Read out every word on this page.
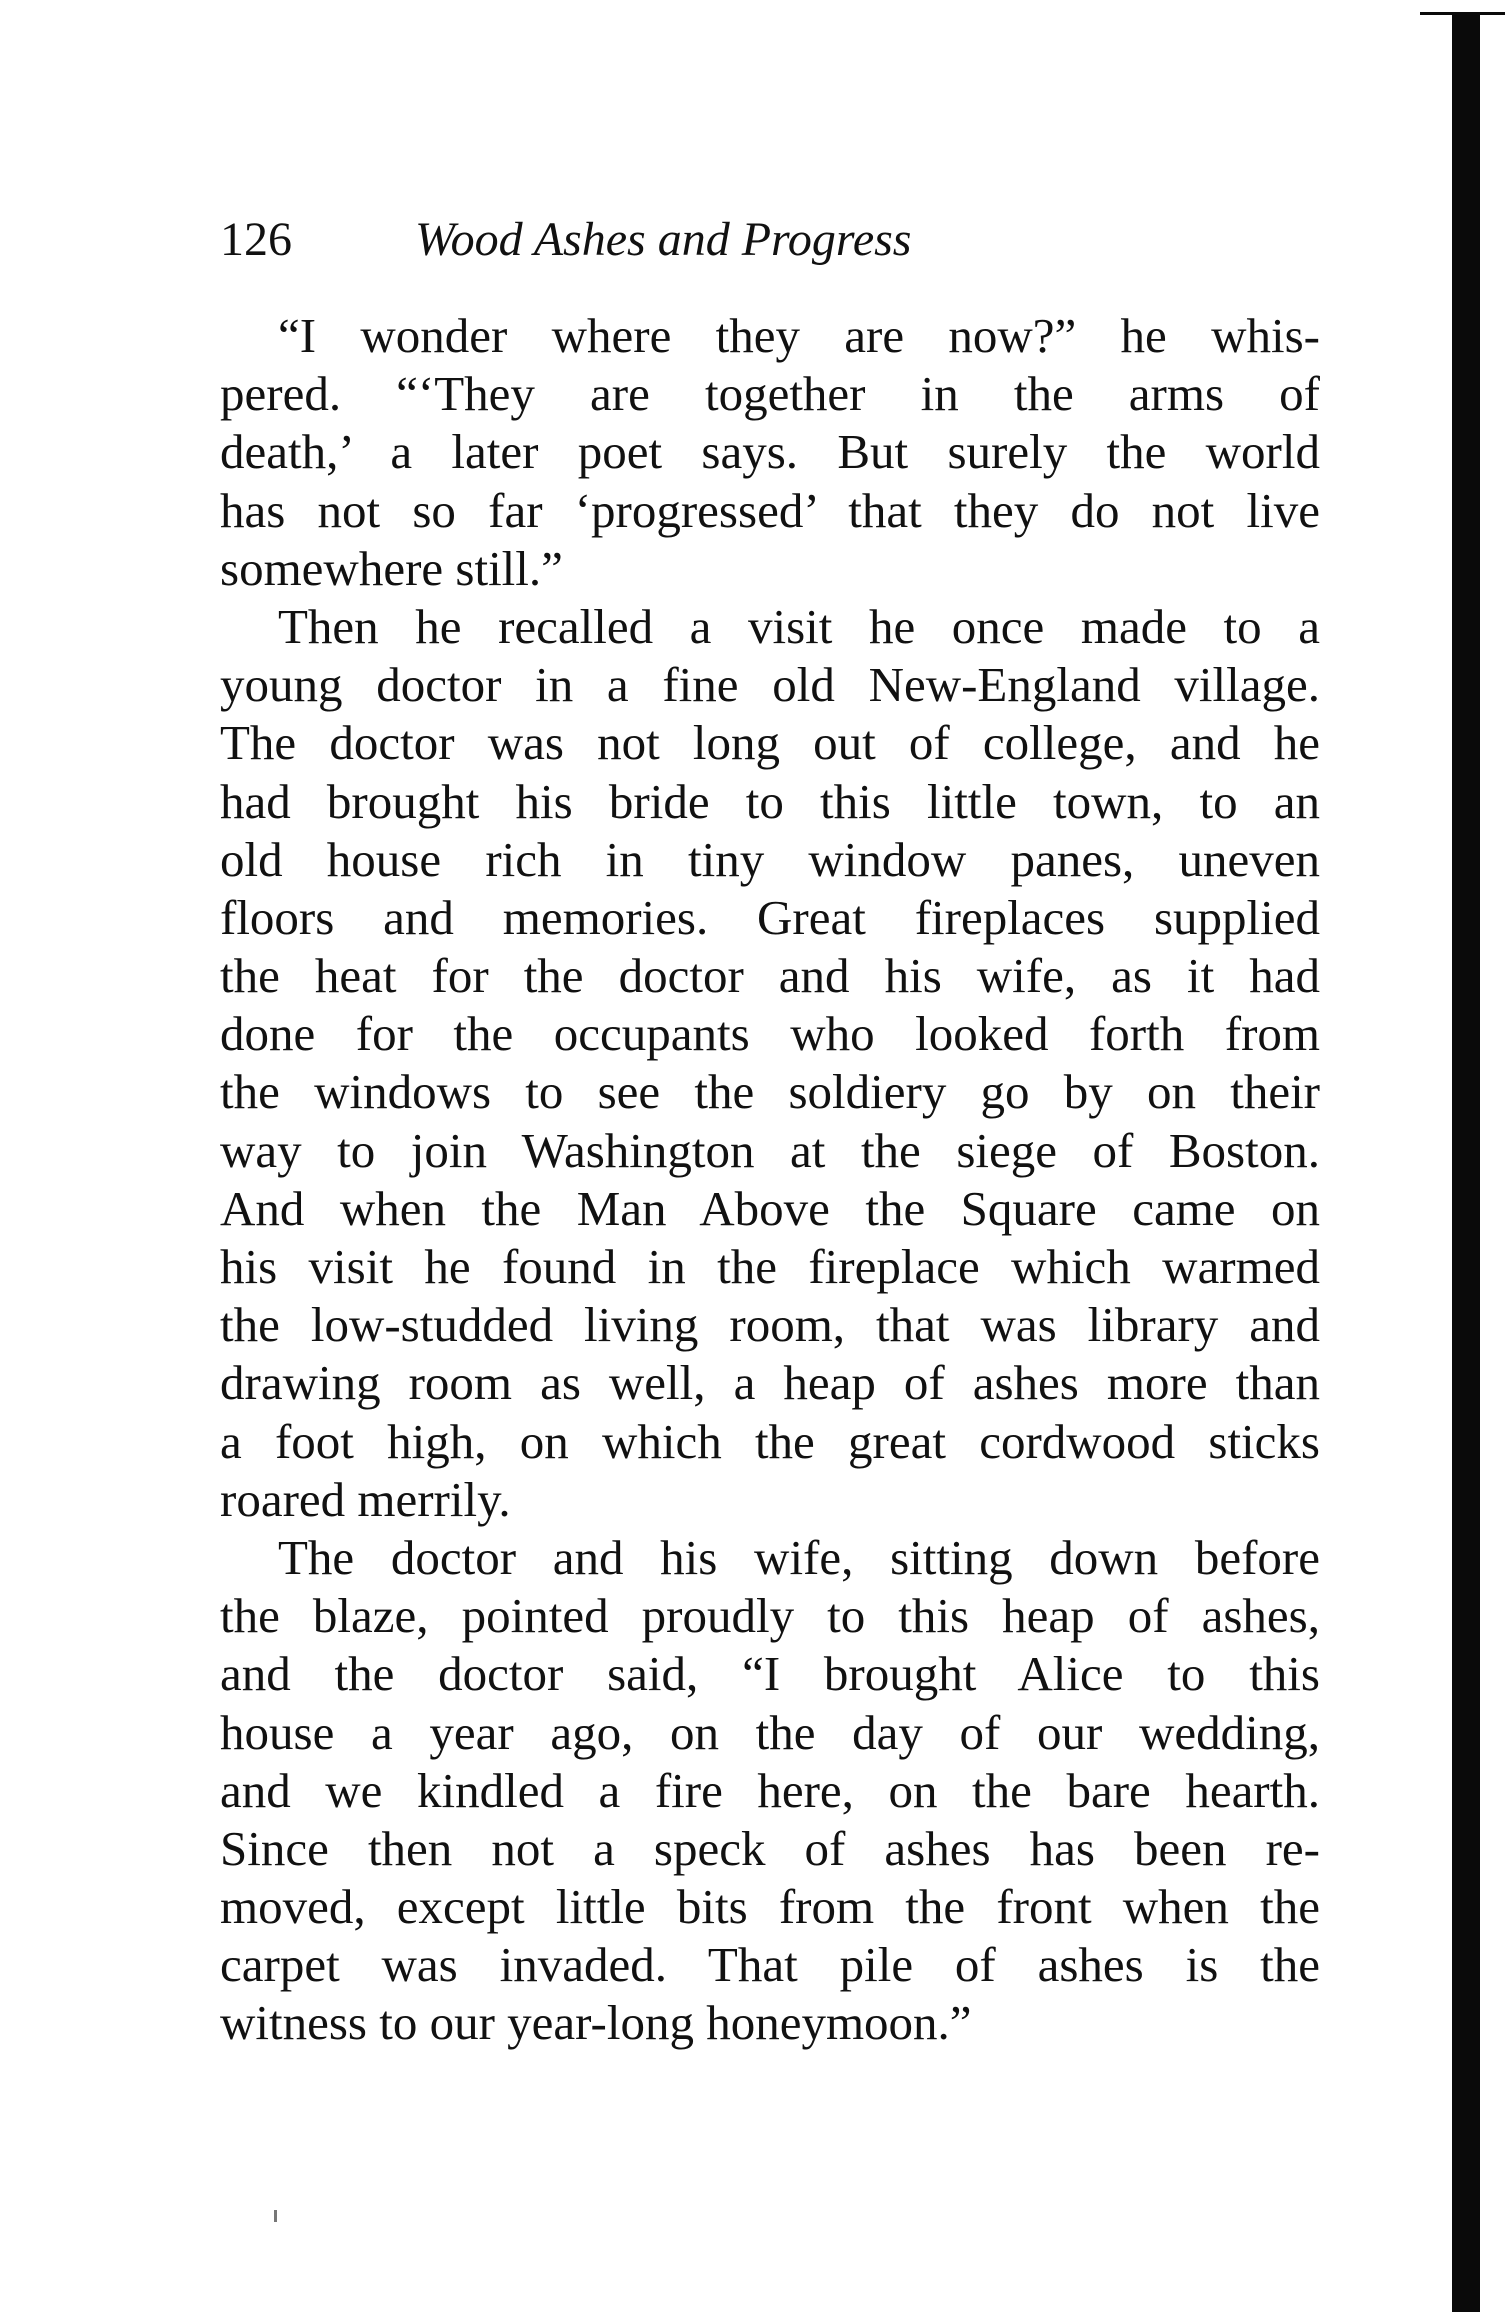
126	Wood Ashes and Progress
“I wonder where they are now?” he whis-
pered. “‘They are together in the arms of
death,’ a later poet says. But surely the world
has not so far ‘progressed’ that they do not live
somewhere still.”
Then he recalled a visit he once made to a
young doctor in a fine old New-England village.
The doctor was not long out of college, and he
had brought his bride to this little town, to an
old house rich in tiny window panes, uneven
floors and memories. Great fireplaces supplied
the heat for the doctor and his wife, as it had
done for the occupants who looked forth from
the windows to see the soldiery go by on their
way to join Washington at the siege of Boston.
And when the Man Above the Square came on
his visit he found in the fireplace which warmed
the low-studded living room, that was library and
drawing room as well, a heap of ashes more than
a foot high, on which the great cordwood sticks
roared merrily.
The doctor and his wife, sitting down before
the blaze, pointed proudly to this heap of ashes,
and the doctor said, “I brought Alice to this
house a year ago, on the day of our wedding,
and we kindled a fire here, on the bare hearth.
Since then not a speck of ashes has been re-
moved, except little bits from the front when the
carpet was invaded. That pile of ashes is the
witness to our year-long honeymoon.”
